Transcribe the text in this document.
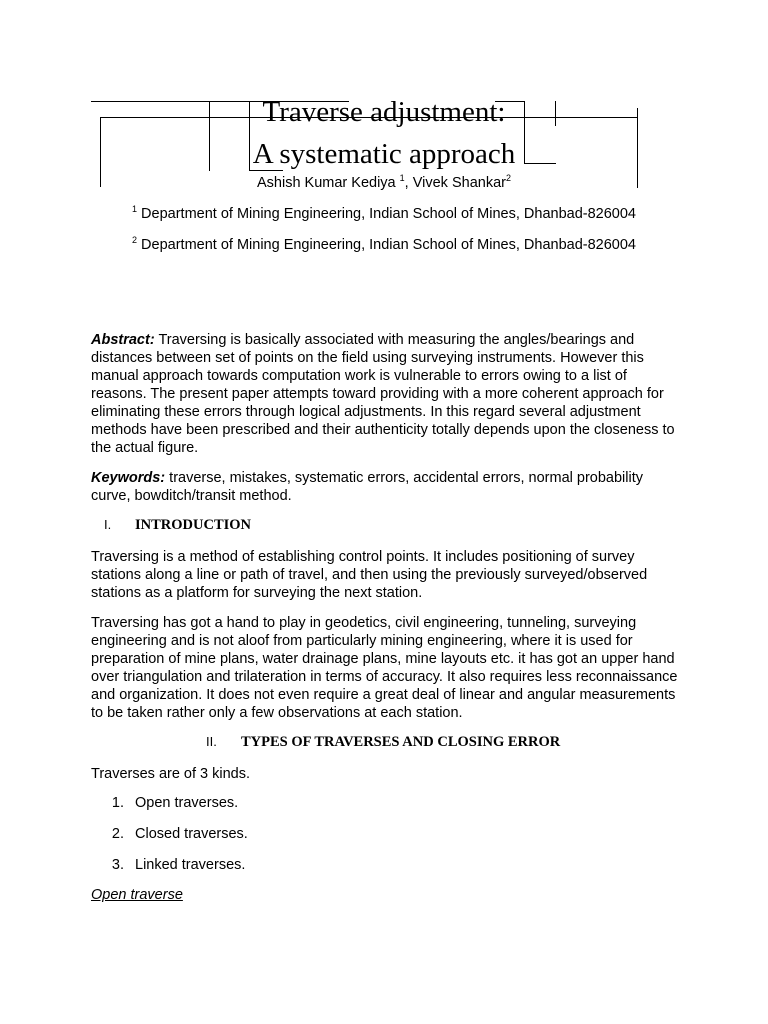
Traverse adjustment:
A systematic approach
Ashish Kumar Kediya $^1$, Vivek Shankar$^2$
$^1$ Department of Mining Engineering, Indian School of Mines, Dhanbad-826004
$^2$ Department of Mining Engineering, Indian School of Mines, Dhanbad-826004

Abstract: Traversing is basically associated with measuring the angles/bearings and distances between set of points on the field using surveying instruments. However this manual approach towards computation work is vulnerable to errors owing to a list of reasons. The present paper attempts toward providing with a more coherent approach for eliminating these errors through logical adjustments. In this regard several adjustment methods have been prescribed and their authenticity totally depends upon the closeness to the actual figure.

Keywords: traverse, mistakes, systematic errors, accidental errors, normal probability curve, bowditch/transit method.

I. INTRODUCTION

Traversing is a method of establishing control points. It includes positioning of survey stations along a line or path of travel, and then using the previously surveyed/observed stations as a platform for surveying the next station.

Traversing has got a hand to play in geodetics, civil engineering, tunneling, surveying engineering and is not aloof from particularly mining engineering, where it is used for preparation of mine plans, water drainage plans, mine layouts etc. it has got an upper hand over triangulation and trilateration in terms of accuracy. It also requires less reconnaissance and organization. It does not even require a great deal of linear and angular measurements to be taken rather only a few observations at each station.

II. TYPES OF TRAVERSES AND CLOSING ERROR

Traverses are of 3 kinds.

1. Open traverses.
2. Closed traverses.
3. Linked traverses.
Open traverse
